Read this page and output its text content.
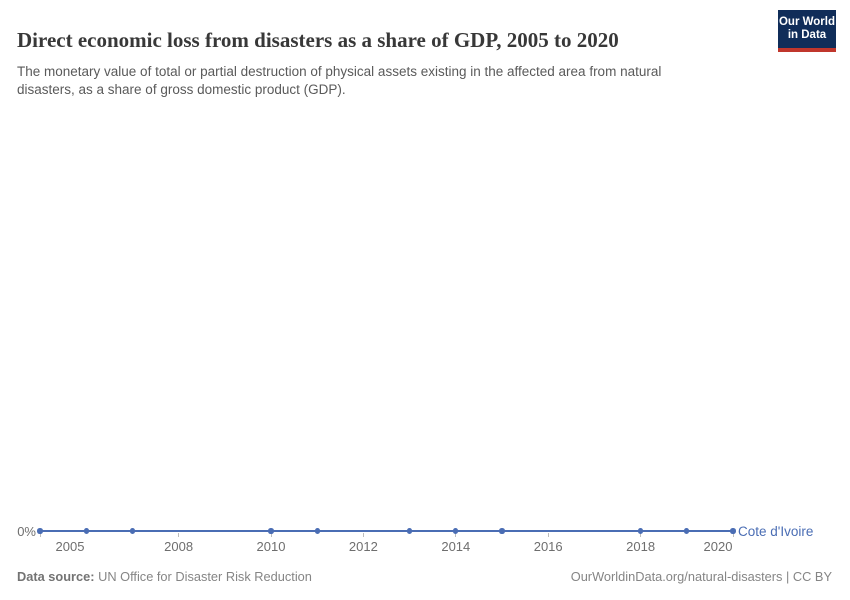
Direct economic loss from disasters as a share of GDP, 2005 to 2020

The monetary value of total or partial destruction of physical assets existing in the affected area from natural
disasters, as a share of gross domestic product (GDP).

Our World
in Data
0%	Cote d'Ivoire
2005	2008	2010	2012	2014	2016	2018	2020
Data source: UN Office for Disaster Risk Reduction	OurWorldinData.org/natural-disasters | CC BY
